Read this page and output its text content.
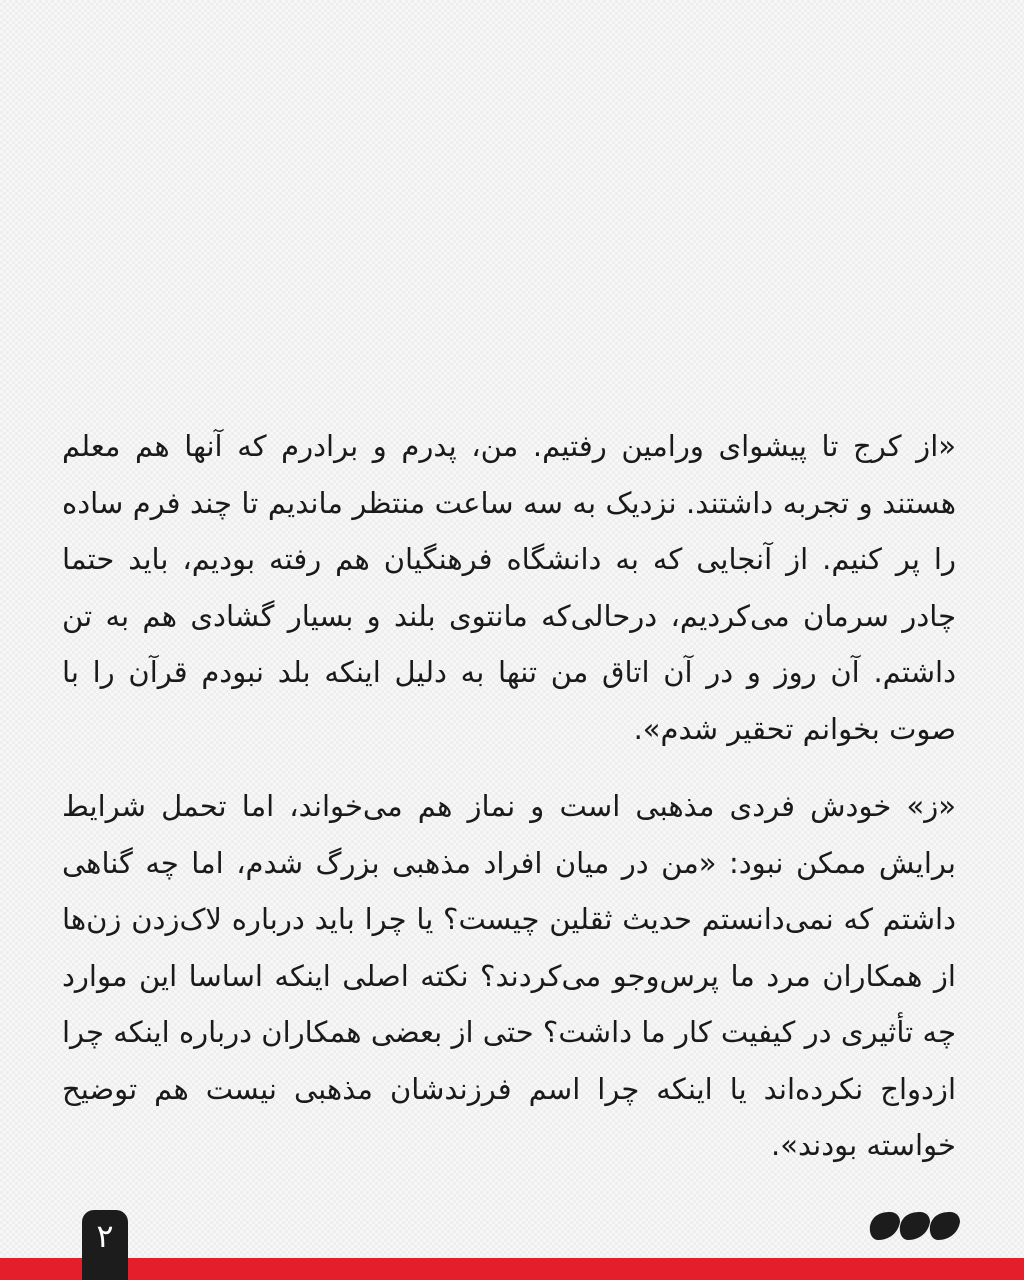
«از کرج تا پیشوای ورامین رفتیم. من، پدرم و برادرم که آنها هم معلم هستند و تجربه داشتند. نزدیک به سه ساعت منتظر ماندیم تا چند فرم ساده را پر کنیم. از آنجایی که به دانشگاه فرهنگیان هم رفته بودیم، باید حتما چادر سرمان می‌کردیم، درحالی‌که مانتوی بلند و بسیار گشادی هم به تن داشتم. آن روز و در آن اتاق من تنها به دلیل اینکه بلد نبودم قرآن را با صوت بخوانم تحقیر شدم».

«ز» خودش فردی مذهبی است و نماز هم می‌خواند، اما تحمل شرایط برایش ممکن نبود: «من در میان افراد مذهبی بزرگ شدم، اما چه گناهی داشتم که نمی‌دانستم حدیث ثقلین چیست؟ یا چرا باید درباره لاک‌زدن زن‌ها از همکاران مرد ما پرس‌وجو می‌کردند؟ نکته اصلی اینکه اساسا این موارد چه تأثیری در کیفیت کار ما داشت؟ حتی از بعضی همکاران درباره اینکه چرا ازدواج نکرده‌اند یا اینکه چرا اسم فرزندشان مذهبی نیست هم توضیح خواسته بودند».

۲
